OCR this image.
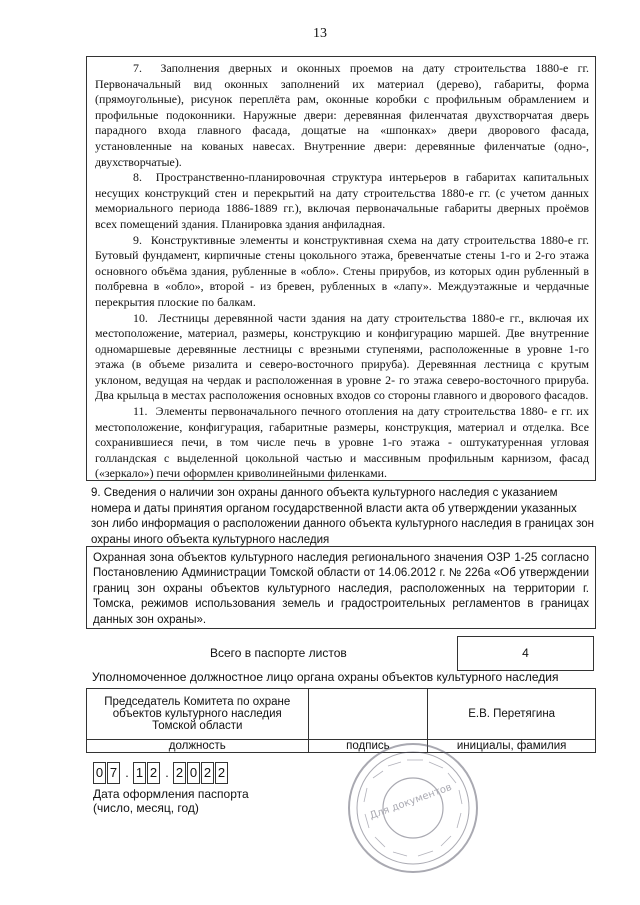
13

7.  Заполнения дверных и оконных проемов на дату строительства 1880-е гг. Первоначальный вид оконных заполнений их материал (дерево), габариты, форма (прямоугольные), рисунок переплёта рам, оконные коробки с профильным обрамлением и профильные подоконники. Наружные двери: деревянная филенчатая двухстворчатая дверь парадного входа главного фасада, дощатые на «шпонках» двери дворового фасада, установленные на кованых навесах. Внутренние двери: деревянные филенчатые (одно-, двухстворчатые).

8.  Пространственно-планировочная структура интерьеров в габаритах капитальных несущих конструкций стен и перекрытий на дату строительства 1880-е гг. (с учетом данных мемориального периода 1886-1889 гг.), включая первоначальные габариты дверных проёмов всех помещений здания. Планировка здания анфиладная.

9.  Конструктивные элементы и конструктивная схема на дату строительства 1880-е гг. Бутовый фундамент, кирпичные стены цокольного этажа, бревенчатые стены 1-го и 2-го этажа основного объёма здания, рубленные в «обло». Стены прирубов, из которых один рубленный в полбревна в «обло», второй - из бревен, рубленных в «лапу». Междуэтажные и чердачные перекрытия плоские по балкам.

10.  Лестницы деревянной части здания на дату строительства 1880-е гг., включая их местоположение, материал, размеры, конструкцию и конфигурацию маршей. Две внутренние одномаршевые деревянные лестницы с врезными ступенями, расположенные в уровне 1-го этажа (в объеме ризалита и северо-восточного прируба). Деревянная лестница с крутым уклоном, ведущая на чердак и расположенная в уровне 2- го этажа северо-восточного прируба. Два крыльца в местах расположения основных входов со стороны главного и дворового фасадов.

11.  Элементы первоначального печного отопления на дату строительства 1880- е гг. их местоположение, конфигурация, габаритные размеры, конструкция, материал и отделка. Все сохранившиеся печи, в том числе печь в уровне 1-го этажа - оштукатуренная угловая голландская с выделенной цокольной частью и массивным профильным карнизом, фасад («зеркало») печи оформлен криволинейными филенками.

9. Сведения о наличии зон охраны данного объекта культурного наследия с указанием номера и даты принятия органом государственной власти акта об утверждении указанных зон либо информация о расположении данного объекта культурного наследия в границах зон охраны иного объекта культурного наследия
Охранная зона объектов культурного наследия регионального значения ОЗР 1-25 согласно Постановлению Администрации Томской области от 14.06.2012 г. № 226а «Об утверждении границ зон охраны объектов культурного наследия, расположенных на территории г. Томска, режимов использования земель и градостроительных регламентов в границах данных зон охраны».
Всего в паспорте листов	4
Уполномоченное должностное лицо органа охраны объектов культурного наследия
Председатель Комитета по охране объектов культурного наследия Томской области		Е.В. Перетягина
должность	подпись	инициалы, фамилия
0 7 . 1 2 . 2 0 2 2
Дата оформления паспорта
(число, месяц, год)	Для документов
